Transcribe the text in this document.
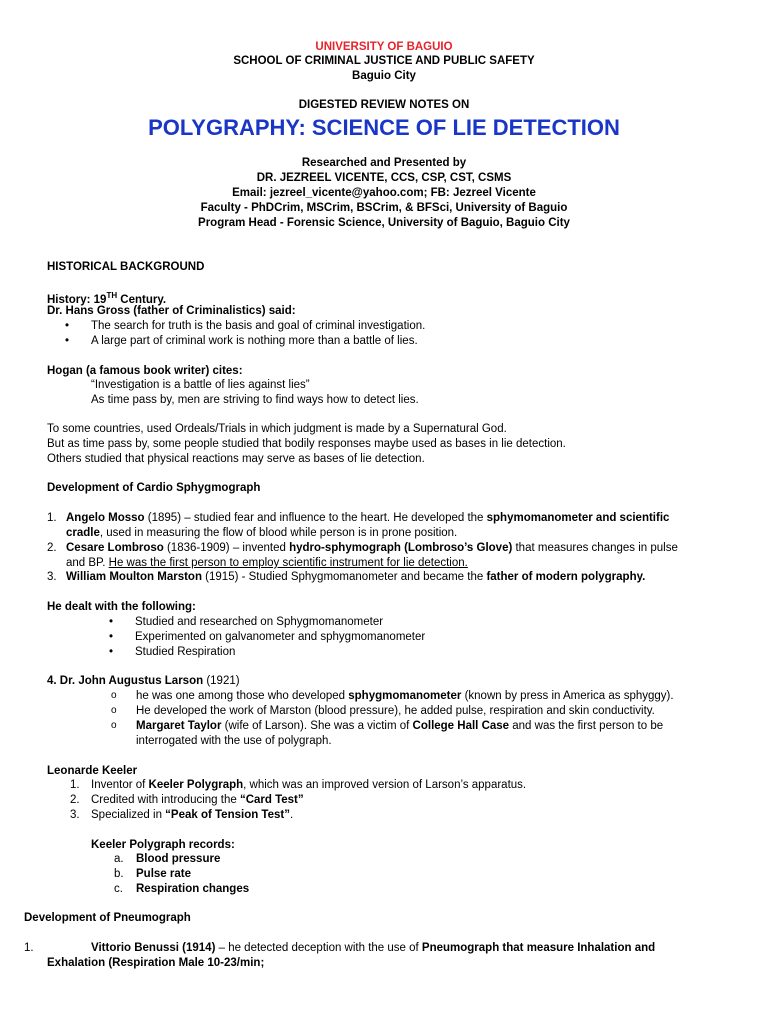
UNIVERSITY OF BAGUIO
SCHOOL OF CRIMINAL JUSTICE AND PUBLIC SAFETY
Baguio City
DIGESTED REVIEW NOTES ON
POLYGRAPHY: SCIENCE OF LIE DETECTION
Researched and Presented by
DR. JEZREEL VICENTE, CCS, CSP, CST, CSMS
Email: jezreel_vicente@yahoo.com; FB: Jezreel Vicente
Faculty - PhDCrim, MSCrim, BSCrim, & BFSci, University of Baguio
Program Head - Forensic Science, University of Baguio, Baguio City
HISTORICAL BACKGROUND
History: 19TH Century.
Dr. Hans Gross (father of Criminalistics) said:
• The search for truth is the basis and goal of criminal investigation.
• A large part of criminal work is nothing more than a battle of lies.
Hogan (a famous book writer) cites:
“Investigation is a battle of lies against lies”
As time pass by, men are striving to find ways how to detect lies.
To some countries, used Ordeals/Trials in which judgment is made by a Supernatural God.
But as time pass by, some people studied that bodily responses maybe used as bases in lie detection.
Others studied that physical reactions may serve as bases of lie detection.
Development of Cardio Sphygmograph
1. Angelo Mosso (1895) – studied fear and influence to the heart. He developed the sphymomanometer and scientific
cradle, used in measuring the flow of blood while person is in prone position.
2. Cesare Lombroso (1836-1909) – invented hydro-sphymograph (Lombroso’s Glove) that measures changes in pulse
and BP. He was the first person to employ scientific instrument for lie detection.
3. William Moulton Marston (1915) - Studied Sphygmomanometer and became the father of modern polygraphy.
He dealt with the following:
• Studied and researched on Sphygmomanometer
• Experimented on galvanometer and sphygmomanometer
• Studied Respiration
4. Dr. John Augustus Larson (1921)
o he was one among those who developed sphygmomanometer (known by press in America as sphyggy).
o He developed the work of Marston (blood pressure), he added pulse, respiration and skin conductivity.
o Margaret Taylor (wife of Larson). She was a victim of College Hall Case and was the first person to be
interrogated with the use of polygraph.
Leonarde Keeler
1. Inventor of Keeler Polygraph, which was an improved version of Larson’s apparatus.
2. Credited with introducing the “Card Test”
3. Specialized in “Peak of Tension Test”.
Keeler Polygraph records:
a. Blood pressure
b. Pulse rate
c. Respiration changes
Development of Pneumograph
1.	Vittorio Benussi (1914) – he detected deception with the use of Pneumograph that measure Inhalation and
Exhalation (Respiration Male 10-23/min;
